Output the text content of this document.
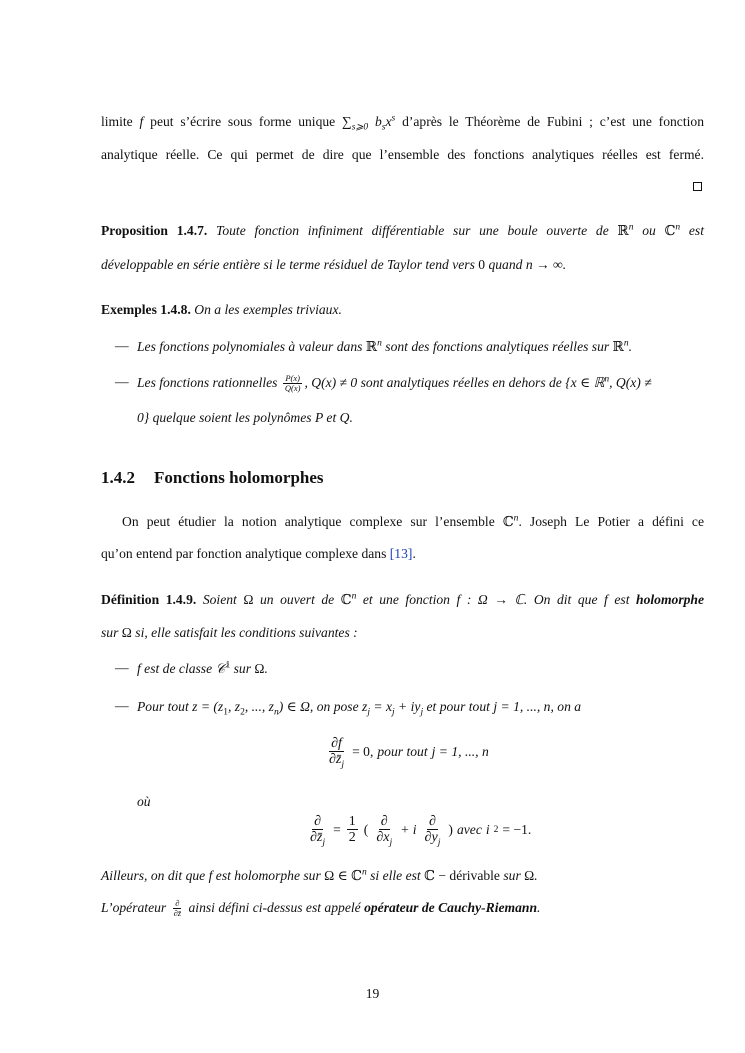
limite f peut s’écrire sous forme unique $\sum_{s⩾0}$ $b_sx^s$ d’après le Théorème de Fubini ; c’est une fonction
analytique réelle. Ce qui permet de dire que l’ensemble des fonctions analytiques réelles est fermé.
Proposition 1.4.7. Toute fonction infiniment différentiable sur une boule ouverte de ℝ$^n$ ou ℂ$^n$ est
développable en série entière si le terme résiduel de Taylor tend vers 0 quand n → ∞.
Exemples 1.4.8. On a les exemples triviaux.
— Les fonctions polynomiales à valeur dans ℝ$^n$ sont des fonctions analytiques réelles sur ℝ$^n$.
— Les fonctions rationnelles $\frac{P(x)}{Q(x)}$ , Q(x) ≠ 0 sont analytiques réelles en dehors de {x ∈ ℝ$^n$, Q(x) ≠
0} quelque soient les polynômes P et Q.
1.4.2 Fonctions holomorphes
On peut étudier la notion analytique complexe sur l’ensemble ℂ$^n$. Joseph Le Potier a défini ce
qu’on entend par fonction analytique complexe dans [13].
Définition 1.4.9. Soient Ω un ouvert de ℂ$^n$ et une fonction f : Ω → ℂ. On dit que f est holomorphe
sur Ω si, elle satisfait les conditions suivantes :
— f est de classe 𝒞$^1$ sur Ω.
— Pour tout $z = (z_1$, $z_2$, ..., $z_n$) ∈ Ω, on pose $z_j = x_j + iy_j$ et pour tout j = 1, ..., n, on a
$\frac{\partial f}{\partial z̄_j} = 0$, pour tout j = 1, ..., n
où
$\frac{\partial}{\partial z̄_j} = \frac{1}{2}$ ( $\frac{\partial}{\partial x_j} + i \frac{\partial}{\partial y_j}$ ) avec i 2 = −1.
Ailleurs, on dit que f est holomorphe sur Ω ∈ ℂ$^n$ si elle est ℂ − dérivable sur Ω.
L’opérateur $\frac{\partial}{\partial z̄}$ ainsi défini ci-dessus est appelé opérateur de Cauchy-Riemann.
19
